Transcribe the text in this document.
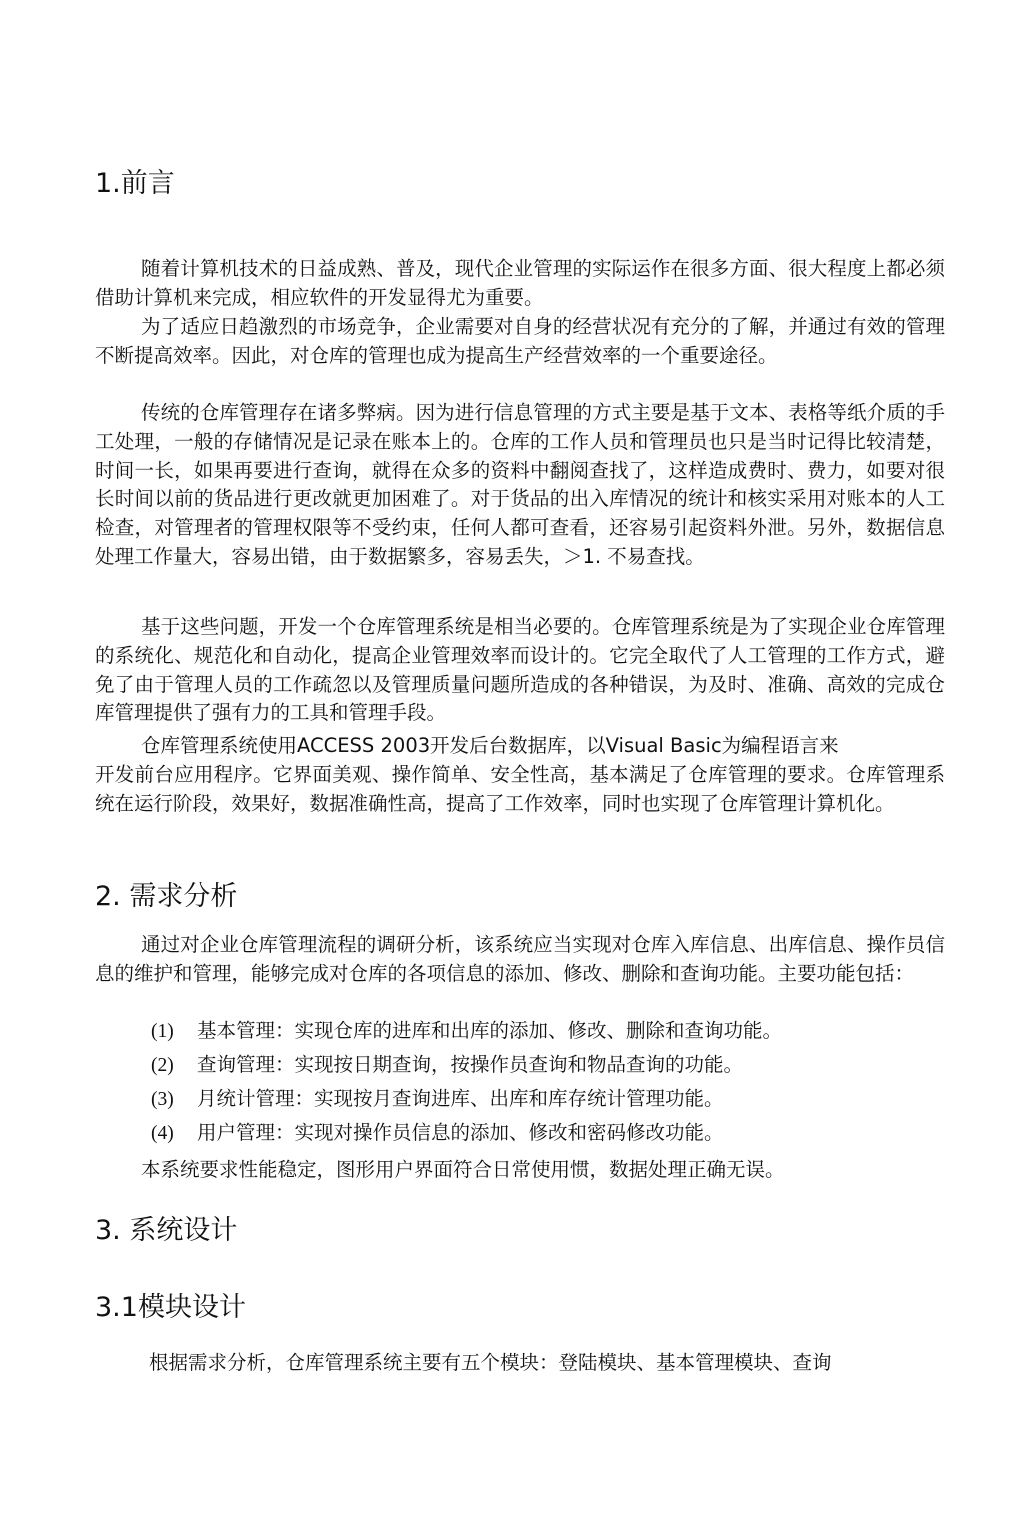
1.前言

随着计算机技术的日益成熟、普及，现代企业管理的实际运作在很多方面、很大程度上都必须借助计算机来完成，相应软件的开发显得尤为重要。

为了适应日趋激烈的市场竞争，企业需要对自身的经营状况有充分的了解，并通过有效的管理不断提高效率。因此，对仓库的管理也成为提高生产经营效率的一个重要途径。

传统的仓库管理存在诸多弊病。因为进行信息管理的方式主要是基于文本、表格等纸介质的手工处理，一般的存储情况是记录在账本上的。仓库的工作人员和管理员也只是当时记得比较清楚，时间一长，如果再要进行查询，就得在众多的资料中翻阅查找了，这样造成费时、费力，如要对很长时间以前的货品进行更改就更加困难了。对于货品的出入库情况的统计和核实采用对账本的人工检查，对管理者的管理权限等不受约束，任何人都可查看，还容易引起资料外泄。另外，数据信息处理工作量大，容易出错，由于数据繁多，容易丢失，＞1. 不易查找。

基于这些问题，开发一个仓库管理系统是相当必要的。仓库管理系统是为了实现企业仓库管理的系统化、规范化和自动化，提高企业管理效率而设计的。它完全取代了人工管理的工作方式，避免了由于管理人员的工作疏忽以及管理质量问题所造成的各种错误，为及时、准确、高效的完成仓库管理提供了强有力的工具和管理手段。

仓库管理系统使用ACCESS 2003开发后台数据库，以Visual Basic为编程语言来

开发前台应用程序。它界面美观、操作简单、安全性高，基本满足了仓库管理的要求。仓库管理系统在运行阶段，效果好，数据准确性高，提高了工作效率，同时也实现了仓库管理计算机化。

2. 需求分析

通过对企业仓库管理流程的调研分析，该系统应当实现对仓库入库信息、出库信息、操作员信息的维护和管理，能够完成对仓库的各项信息的添加、修改、删除和查询功能。主要功能包括：

(1) 基本管理：实现仓库的进库和出库的添加、修改、删除和查询功能。
(2) 查询管理：实现按日期查询，按操作员查询和物品查询的功能。
(3) 月统计管理：实现按月查询进库、出库和库存统计管理功能。
(4) 用户管理：实现对操作员信息的添加、修改和密码修改功能。
本系统要求性能稳定，图形用户界面符合日常使用惯，数据处理正确无误。
3. 系统设计
3.1模块设计
根据需求分析，仓库管理系统主要有五个模块：登陆模块、基本管理模块、查询
